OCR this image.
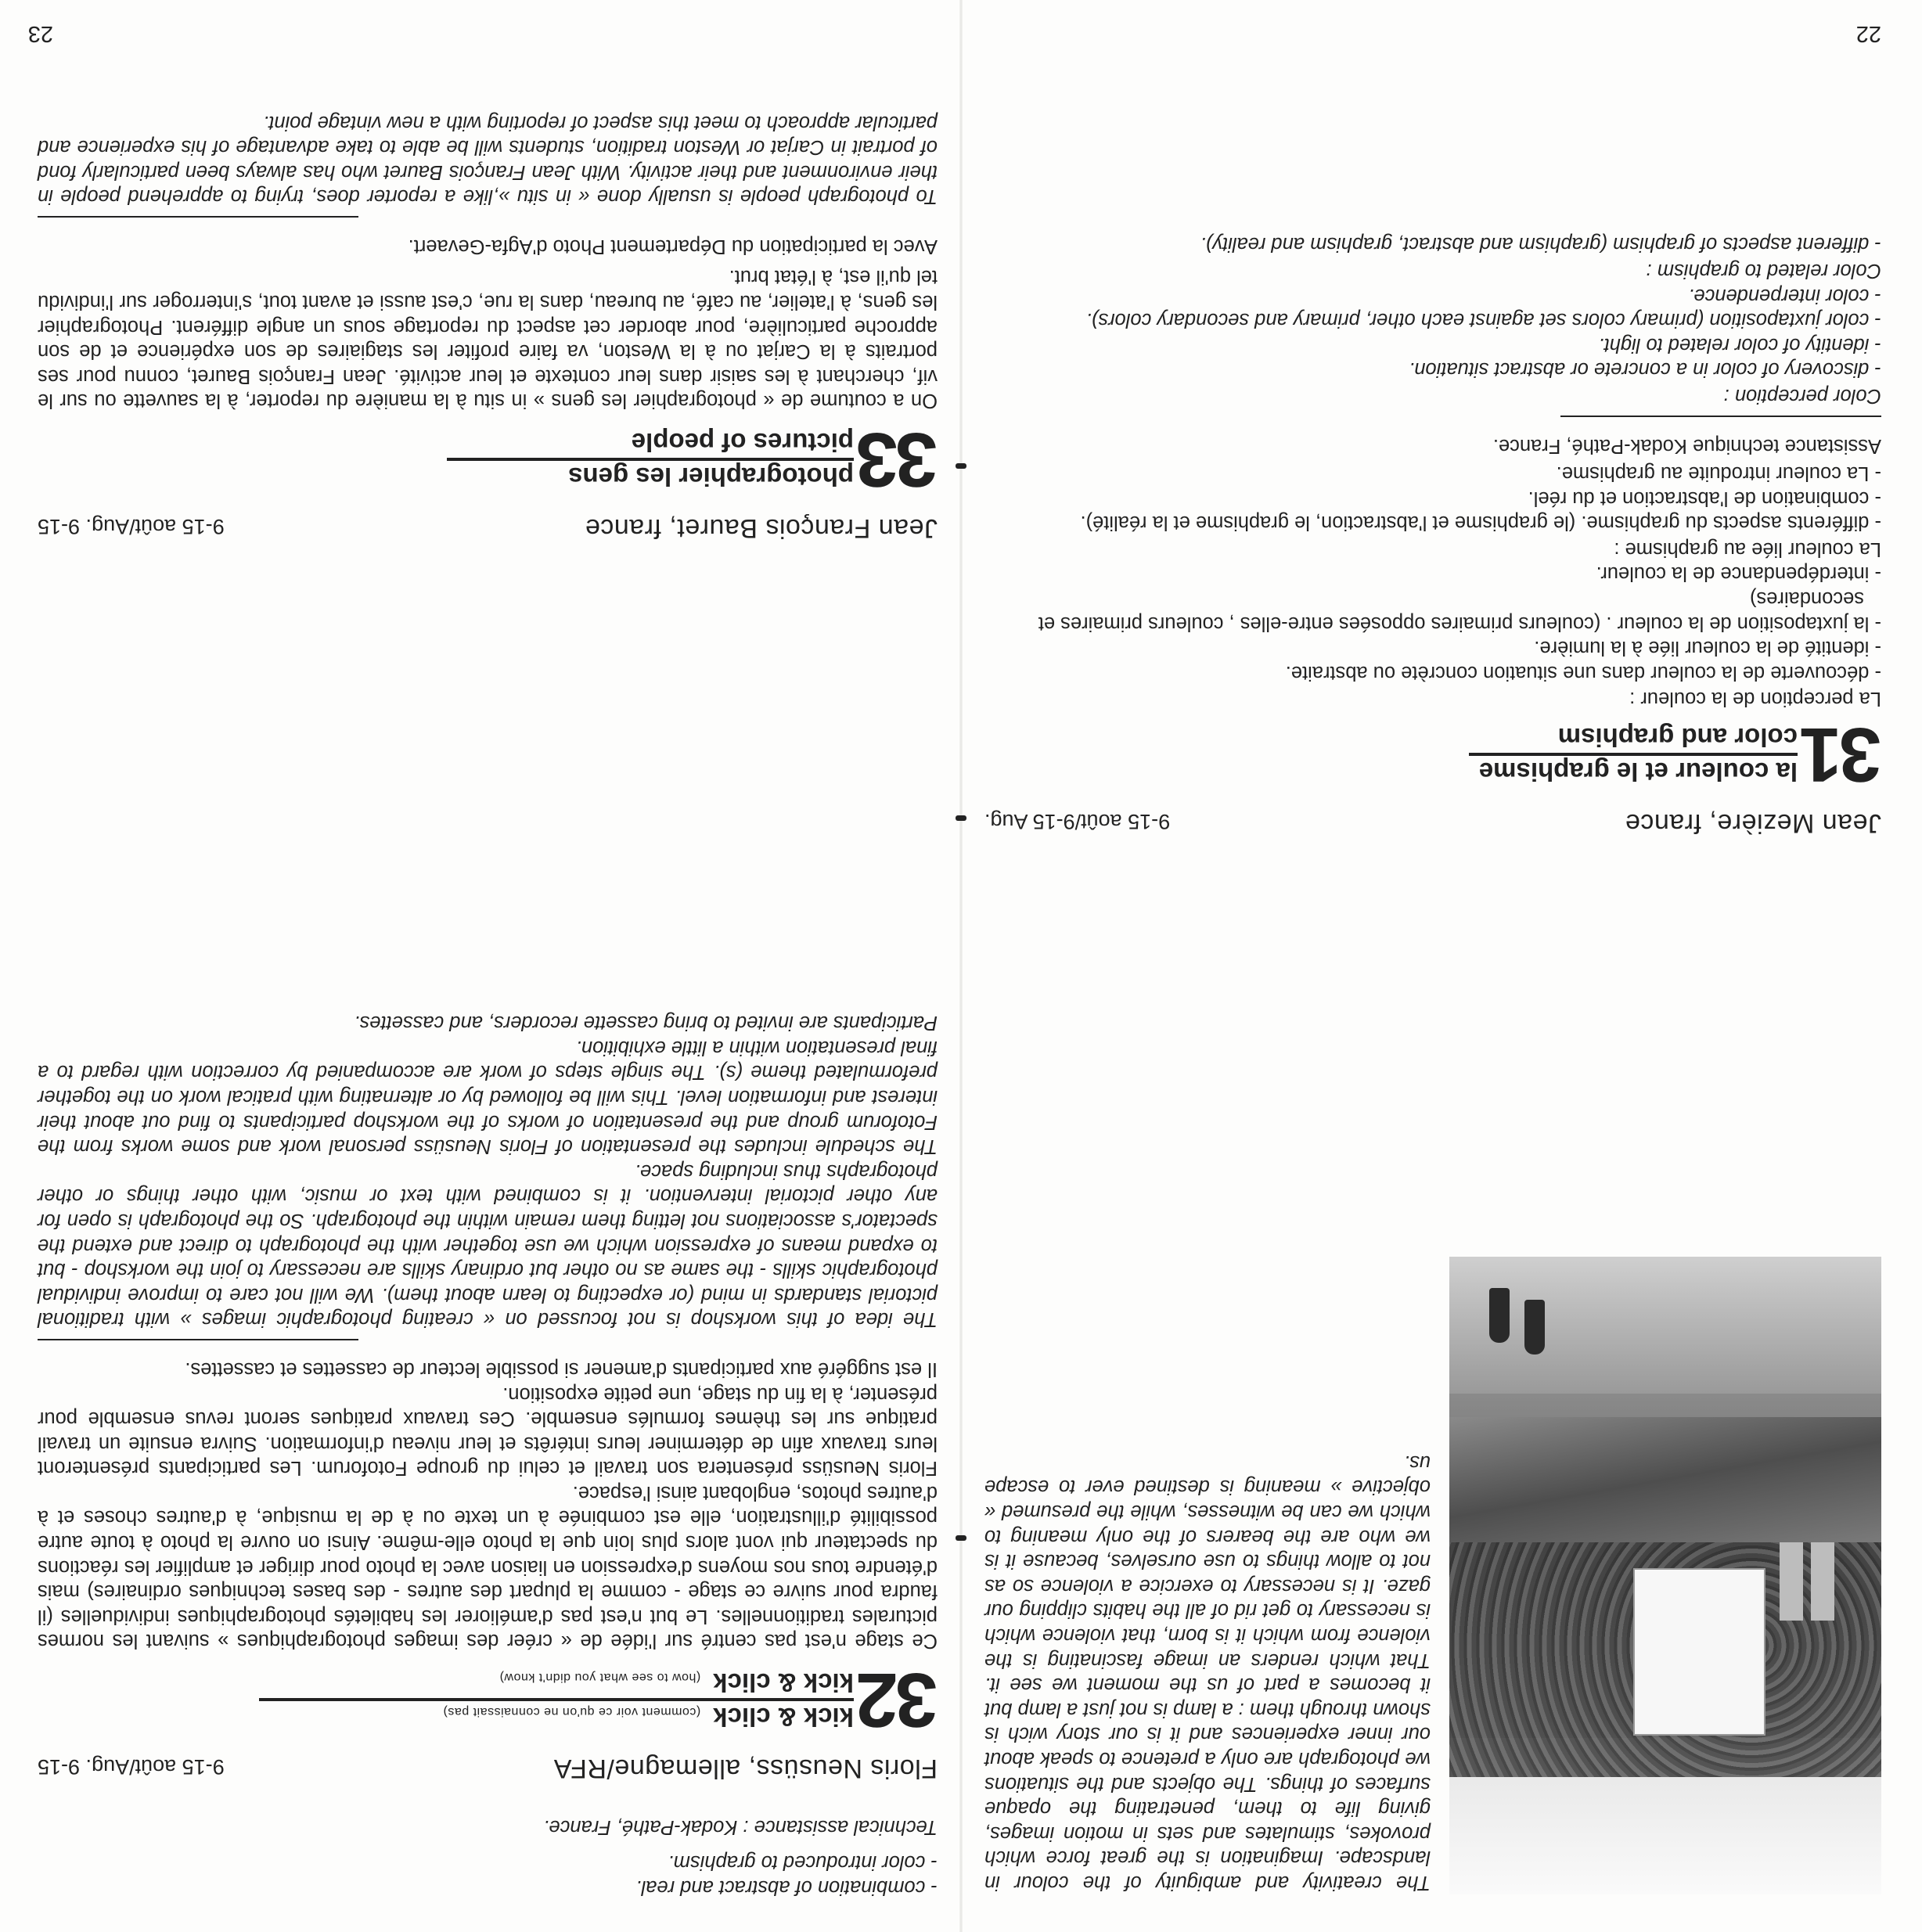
The creativity and ambiguity of the colour in landscape. Imagination is the great force which provokes, stimulates and sets in motion images, giving life to them, penetrating the opaque surfaces of things. The objects and the situations we photograph are only a pretence to speak about our inner experiences and it is our story wich is shown through them : a lamp is not just a lamp but it becomes a part of us the moment we see it. That which renders an image fascinating is the violence from which it is born, that violence which is necessary to get rid of all the habits clipping our gaze. It is necessary to exercice a violence so as not to allow things to use ourselves, because it is we who are the bearers of the only meaning to which we can be witnesses, while the presumed « objective » meaning is destined ever to escape us.

Jean Mezière, france
9-15 août/9-15 Aug.
31
la couleur et le graphisme
color and graphism

La perception de la couleur :

- découverte de la couleur dans une situation concrète ou abstraite.
- identité de la couleur liée à la lumière.
- la juxtaposition de la couleur . (couleurs primaires opposées entre-elles , couleurs primaires et secondaires)
- interdépendance de la couleur.

La couleur liée au graphisme :

- différents aspects du graphisme. (le graphisme et l'abstraction, le graphisme et la réalité).
- combination de l'abstraction et du réel.
- La couleur introduite au graphisme.

Assistance technique Kodak-Pathé, France.

Color perception :

- discovery of color in a concrete or abstract situation.
- identity of color related to light.
- color juxtaposition (primary colors set against each other, primary and secondary colors).
- color interpendence.

Color related to graphism :

- different aspects of graphism (graphism and abstract, graphism and reality).
22
- combination of abstract and real.
- color introduced to graphism.

Technical assistance : Kodak-Pathé, France.

Floris Neusüss, allemagne/RFA
9-15 août/Aug. 9-15
32
kick & click(comment voir ce qu'on ne connaissait pas)
kick & click(how to see what you didn't know)

Ce stage n'est pas centré sur l'idée de « créer des images photographiques » suivant les normes picturales traditionnelles. Le but n'est pas d'améliorer les habiletés photographiques individuelles (il faudra pour suivre ce stage - comme la plupart des autres - des bases techniques ordinaires) mais d'étendre tous nos moyens d'expression en liaison avec la photo pour diriger et amplifier les réactions du spectateur qui vont alors plus loin que la photo elle-même. Ainsi on ouvre la photo à toute autre possibilité d'illustration, elle est combinée à un texte ou à de la musique, à d'autres choses et à d'autres photos, englobant ainsi l'espace.

Floris Neusüss présentera son travail et celui du groupe Fotoforum. Les participants présenteront leurs travaux afin de déterminer leurs intérêts et leur niveau d'information. Suivra ensuite un travail pratique sur les thèmes formulés ensemble. Ces travaux pratiques seront revus ensemble pour présenter, à la fin du stage, une petite exposition.

Il est suggéré aux participants d'amener si possible lecteur de cassettes et cassettes.

The idea of this workshop is not focussed on « creating photographic images » with traditional pictorial standards in mind (or expecting to learn about them). We will not care to improve individual photographic skills - the same as no other but ordinary skills are necessary to join the workshop - but to expand means of expression which we use together with the photograph to direct and extend the spectator's associations not letting them remain within the photograph. So the photograph is open for any other pictorial intervention. it is combined with text or music, with other things or other photographs thus including space.

The schedule includes the presentation of Floris Neusüss personal work and some works from the Fotoforum group and the presentation of works of the workshop participants to find out about their interest and information level. This will be followed by or alternating with pratical work on the together preformulated theme (s). The single steps of work are accompanied by correction with regard to a final presentation within a little exhibition.

Participants are invited to bring cassette recorders, and cassettes.

Jean François Bauret, france
9-15 août/Aug. 9-15
33
photographier les gens
pictures of people

On a coutume de « photographier les gens » in situ à la manière du reporter, à la sauvette ou sur le vif, cherchant à les saisir dans leur contexte et leur activité. Jean François Bauret, connu pour ses portraits à la Carjat ou à la Weston, va faire profiter les stagiaires de son expérience et de son approche particulière, pour aborder cet aspect du reportage sous un angle différent. Photographier les gens, à l'atelier, au café, au bureau, dans la rue, c'est aussi et avant tout, s'interroger sur l'individu tel qu'il est, à l'état brut.

Avec la participation du Département Photo d'Agfa-Gevaert.

To photograph people is usually done « in situ »,like a reporter does, trying to apprehend people in their environment and their activity. With Jean François Bauret who has always been particularly fond of portrait in Carjat or Weston tradition, students will be able to take advantage of his experience and particular approach to meet this aspect of reporting with a new vintage point.

23
